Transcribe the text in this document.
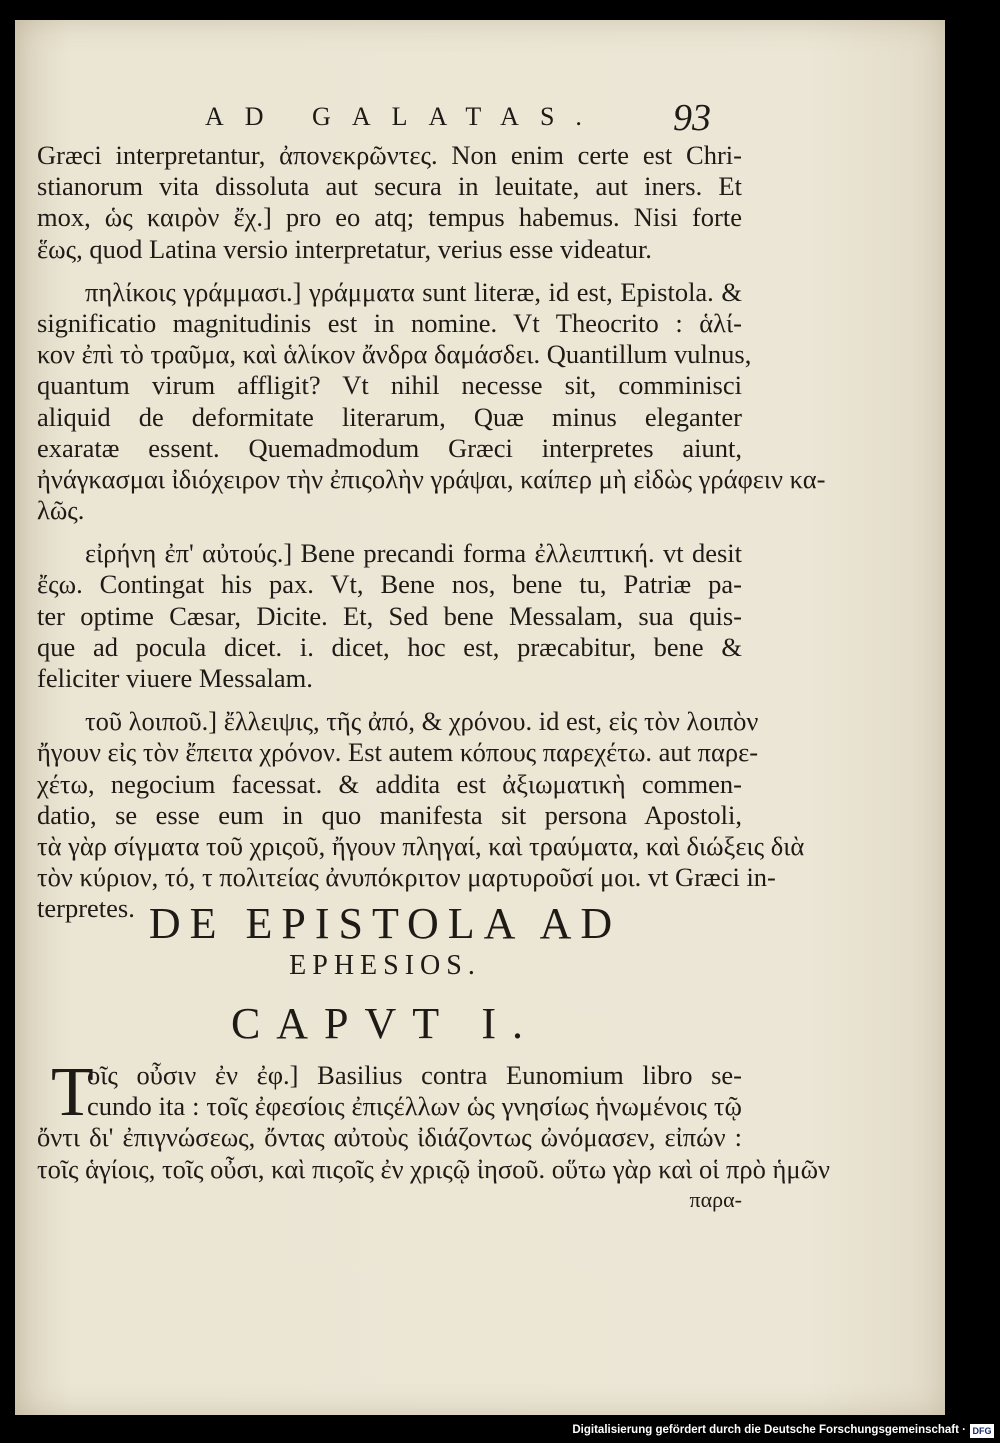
AD GALATAS. 93
Græci interpretantur, ἀπονεκρῶντες. Non enim certe est Chri-
stianorum vita dissoluta aut secura in leuitate, aut iners. Et
mox, ὡς καιρὸν ἔχ.] pro eo atq; tempus habemus. Nisi forte
ἕως, quod Latina versio interpretatur, verius esse videatur.
πηλίκοις γράμμασι.] γράμματα sunt literæ, id est, Epistola. &
significatio magnitudinis est in nomine. Vt Theocrito : ἁλί-
κον ἐπὶ τὸ τραῦμα, καὶ ἁλίκον ἄνδρα δαμάσδει. Quantillum vulnus,
quantum virum affligit? Vt nihil necesse sit, comminisci
aliquid de deformitate literarum, Quæ minus eleganter
exaratæ essent. Quemadmodum Græci interpretes aiunt,
ἠνάγκασμαι ἰδιόχειρον τὴν ἐπιςολὴν γράψαι, καίπερ μὴ εἰδὼς γράφειν κα-
λῶς.
εἰρήνη ἐπ' αὐτούς.] Bene precandi forma ἐλλειπτική. vt desit
ἔςω. Contingat his pax. Vt, Bene nos, bene tu, Patriæ pa-
ter optime Cæsar, Dicite. Et, Sed bene Messalam, sua quis-
que ad pocula dicet. i. dicet, hoc est, præcabitur, bene &
feliciter viuere Messalam.
τοῦ λοιποῦ.] ἔλλειψις, τῆς ἀπό, & χρόνου. id est, εἰς τὸν λοιπὸν
ἤγουν εἰς τὸν ἔπειτα χρόνον. Est autem κόπους παρεχέτω. aut παρε-
χέτω, negocium facessat. & addita est ἀξιωματικὴ commen-
datio, se esse eum in quo manifesta sit persona Apostoli,
τὰ γὰρ σίγματα τοῦ χριςοῦ, ἤγουν πληγαί, καὶ τραύματα, καὶ διώξεις διὰ
τὸν κύριον, τό, τ πολιτείας ἀνυπόκριτον μαρτυροῦσί μοι. vt Græci in-
terpretes. DE EPISTOLA AD
EPHESIOS.
CAPVT I.
T
οῖς οὖσιν ἐν ἐφ.] Basilius contra Eunomium libro se-
cundo ita : τοῖς ἐφεσίοις ἐπιςέλλων ὡς γνησίως ἡνωμένοις τῷ
ὄντι δι' ἐπιγνώσεως, ὄντας αὐτοὺς ἰδιάζοντως ὠνόμασεν, εἰπών :
τοῖς ἁγίοις, τοῖς οὖσι, καὶ πιςοῖς ἐν χριςῷ ἰησοῦ. οὕτω γὰρ καὶ οἱ πρὸ ἡμῶν
παρα-
Digitalisierung gefördert durch die Deutsche Forschungsgemeinschaft · DFG
